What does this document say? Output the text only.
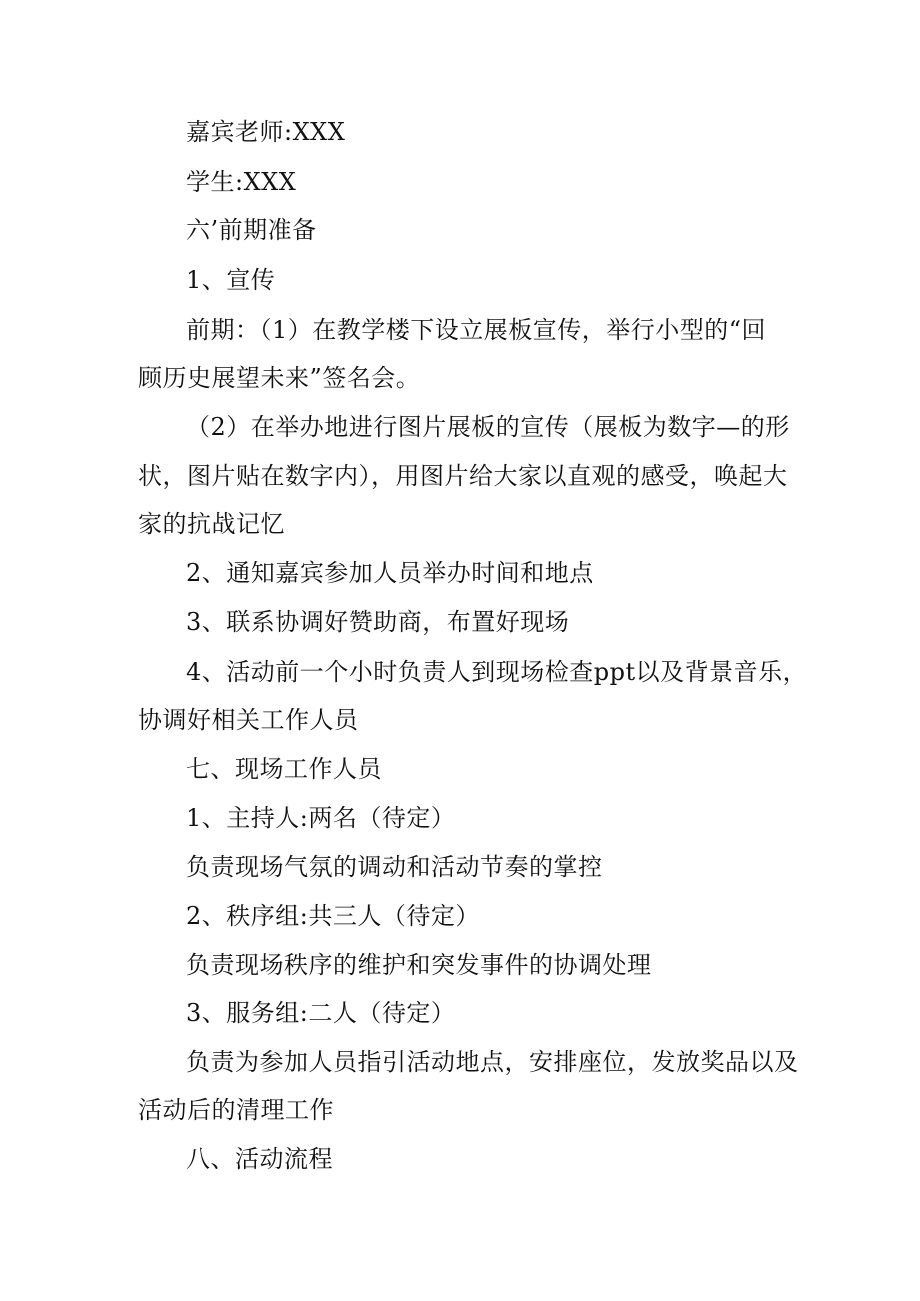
嘉宾老师:XXX

学生:XXX

六’前期准备

1、宣传

前期：（1）在教学楼下设立展板宣传，举行小型的“回

顾历史展望未来”签名会。

（2）在举办地进行图片展板的宣传（展板为数字—的形

状，图片贴在数字内），用图片给大家以直观的感受，唤起大

家的抗战记忆

2、通知嘉宾参加人员举办时间和地点

3、联系协调好赞助商，布置好现场

4、活动前一个小时负责人到现场检查ppt以及背景音乐，

协调好相关工作人员

七、现场工作人员

1、主持人:两名（待定）

负责现场气氛的调动和活动节奏的掌控

2、秩序组:共三人（待定）

负责现场秩序的维护和突发事件的协调处理

3、服务组:二人（待定）

负责为参加人员指引活动地点，安排座位，发放奖品以及

活动后的清理工作

八、活动流程
